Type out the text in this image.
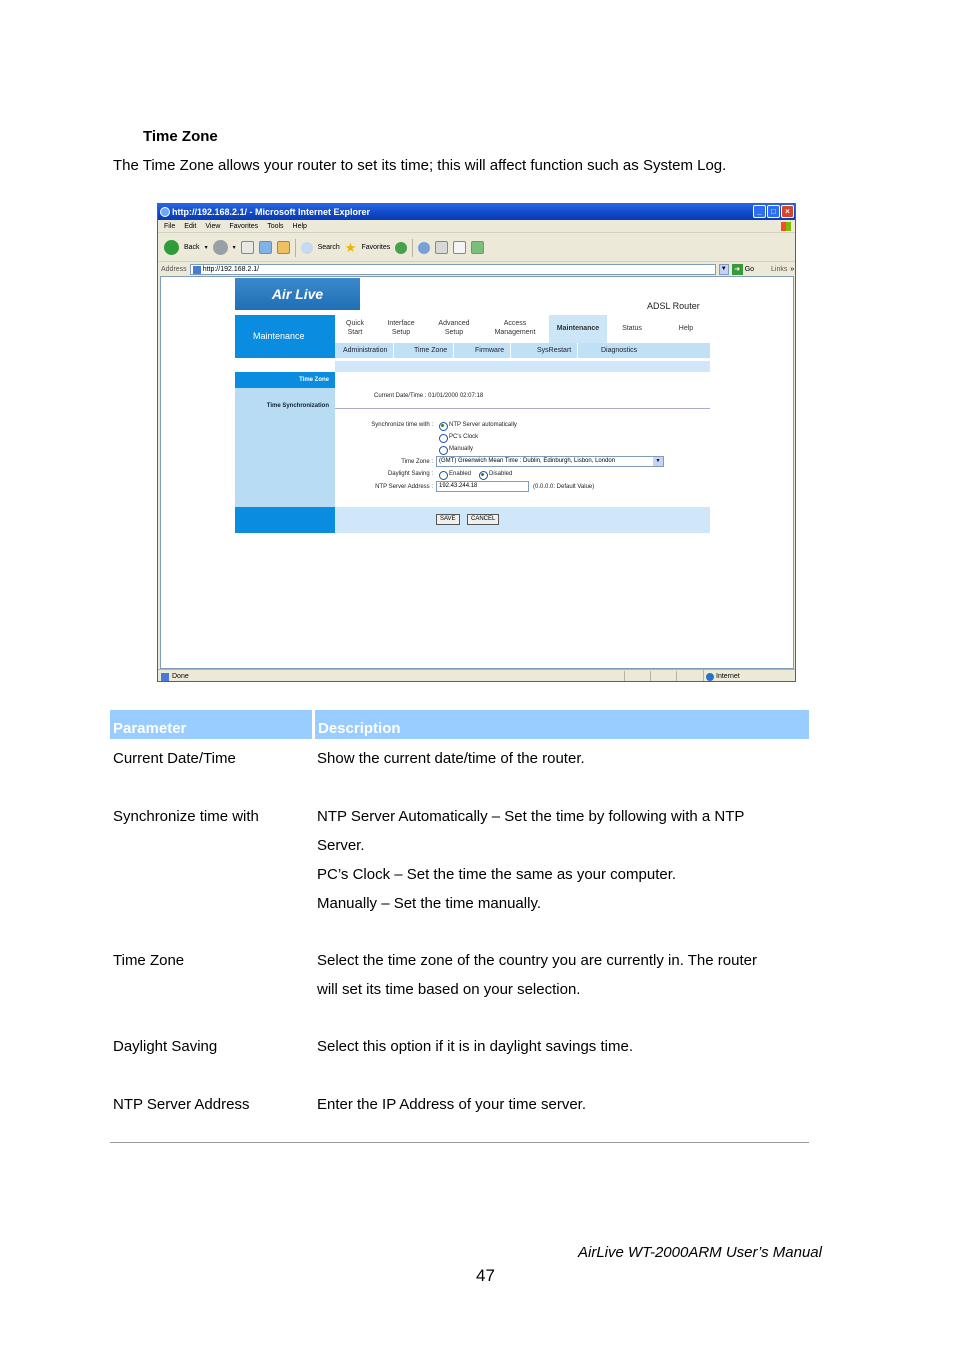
Time Zone
The Time Zone allows your router to set its time; this will affect function such as System Log.
http://192.168.2.1/ - Microsoft Internet Explorer	_	□	×
File Edit View Favorites Tools Help
Back ▾	▾	Search ★ Favorites
Address	http://192.168.2.1/	▼	➜ Go Links »
Air Live
ADSL Router
Maintenance
Quick
Start
Interface
Setup
Advanced
Setup
Access
Management
Maintenance	Status	Help
Administration	Time Zone	Firmware	SysRestart	Diagnostics
Time Zone
Time Synchronization
Current Date/Time : 01/01/2000 02:07:18
Synchronize time with :	NTP Server automatically
PC's Clock
Manually
Time Zone :	(GMT) Greenwich Mean Time : Dublin, Edinburgh, Lisbon, London	▼
Daylight Saving :	Enabled	Disabled
NTP Server Address :	192.43.244.18	(0.0.0.0: Default Value)
SAVE	CANCEL
Done	Internet
Parameter	Description
Current Date/Time	Show the current date/time of the router.
Synchronize time with	NTP Server Automatically – Set the time by following with a NTP
Server.
PC’s Clock – Set the time the same as your computer.
Manually – Set the time manually.
Time Zone	Select the time zone of the country you are currently in. The router
will set its time based on your selection.
Daylight Saving	Select this option if it is in daylight savings time.
NTP Server Address	Enter the IP Address of your time server.
AirLive WT-2000ARM User’s Manual
47
